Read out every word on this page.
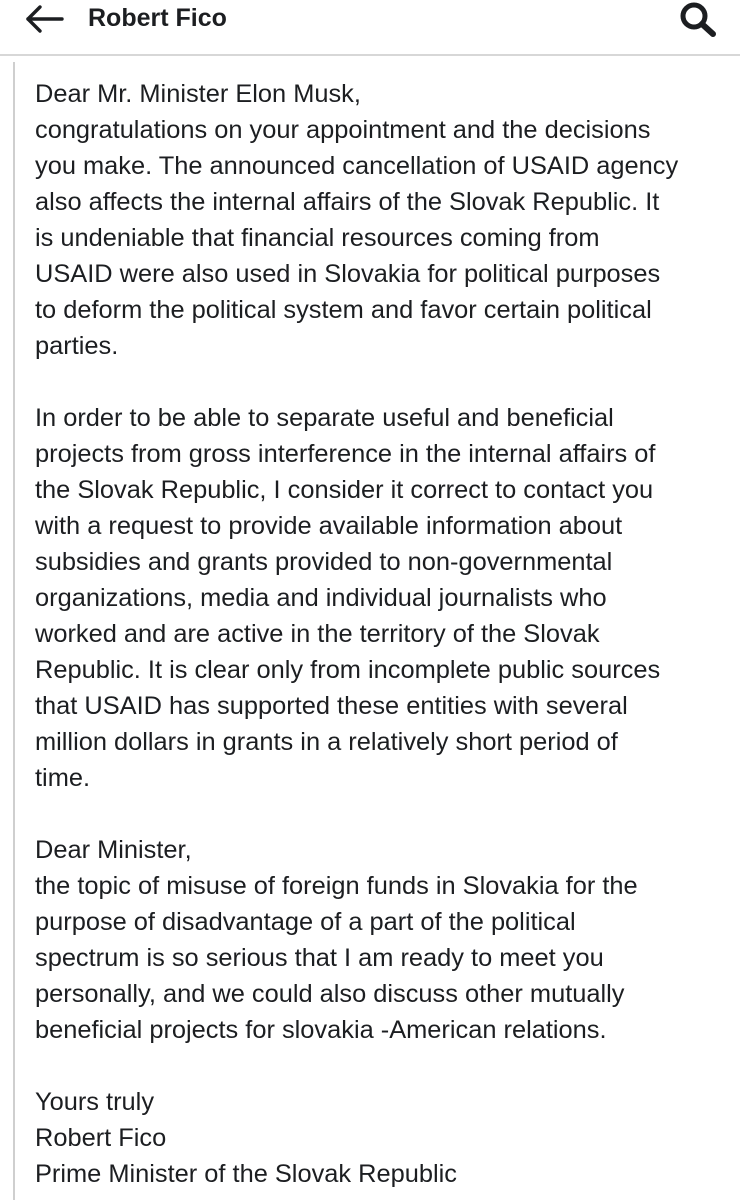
Robert Fico
Dear Mr. Minister Elon Musk,
congratulations on your appointment and the decisions
you make. The announced cancellation of USAID agency
also affects the internal affairs of the Slovak Republic. It
is undeniable that financial resources coming from
USAID were also used in Slovakia for political purposes
to deform the political system and favor certain political
parties.
In order to be able to separate useful and beneficial
projects from gross interference in the internal affairs of
the Slovak Republic, I consider it correct to contact you
with a request to provide available information about
subsidies and grants provided to non-governmental
organizations, media and individual journalists who
worked and are active in the territory of the Slovak
Republic. It is clear only from incomplete public sources
that USAID has supported these entities with several
million dollars in grants in a relatively short period of
time.
Dear Minister,
the topic of misuse of foreign funds in Slovakia for the
purpose of disadvantage of a part of the political
spectrum is so serious that I am ready to meet you
personally, and we could also discuss other mutually
beneficial projects for slovakia -American relations.
Yours truly
Robert Fico
Prime Minister of the Slovak Republic
